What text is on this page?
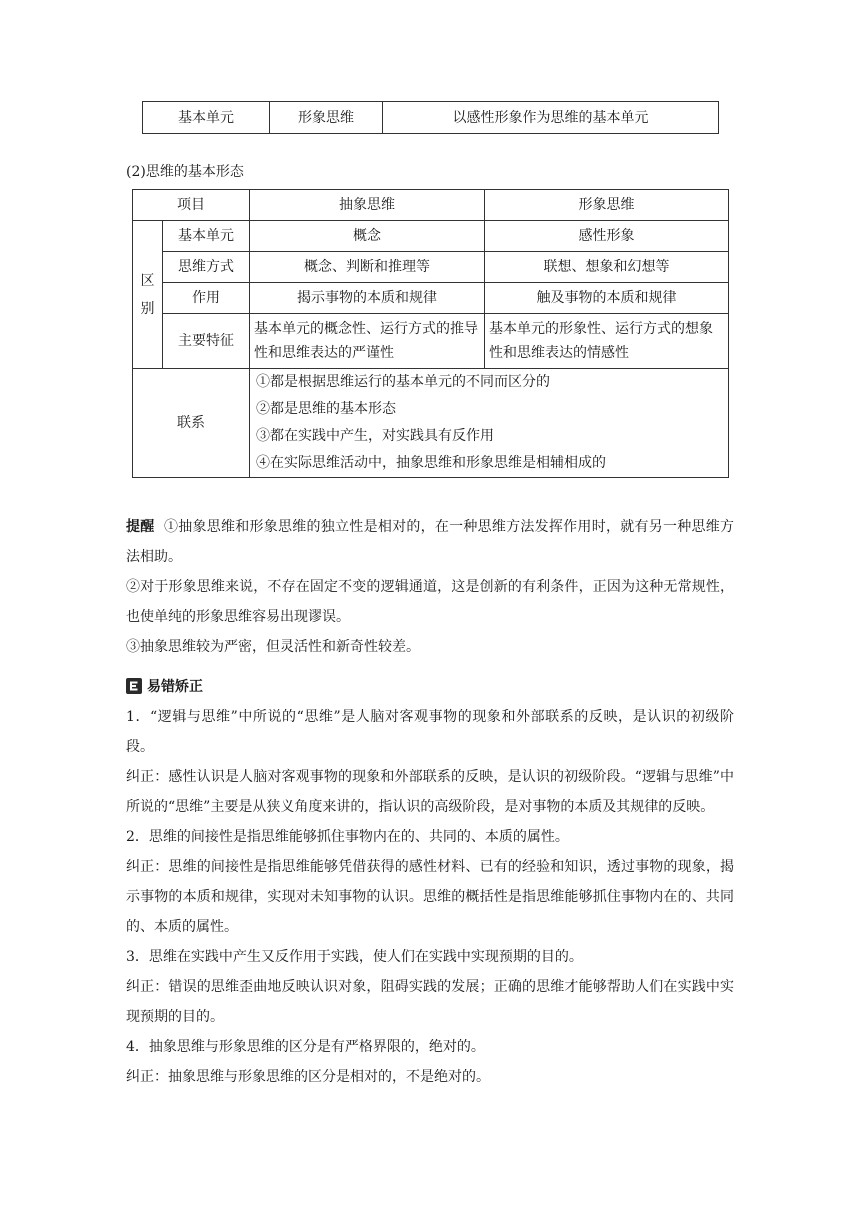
基本单元	形象思维	以感性形象作为思维的基本单元
(2)思维的基本形态
项目		抽象思维	形象思维
区
别	基本单元	概念	感性形象
	思维方式	概念、判断和推理等	联想、想象和幻想等
	作用	揭示事物的本质和规律	触及事物的本质和规律
	主要特征	基本单元的概念性、运行方式的推导性和思维表达的严谨性	基本单元的形象性、运行方式的想象性和思维表达的情感性
联系		①都是根据思维运行的基本单元的不同而区分的
②都是思维的基本形态
③都在实践中产生，对实践具有反作用
④在实际思维活动中，抽象思维和形象思维是相辅相成的	

提醒 ①抽象思维和形象思维的独立性是相对的，在一种思维方法发挥作用时，就有另一种思维方法相助。

②对于形象思维来说，不存在固定不变的逻辑通道，这是创新的有利条件，正因为这种无常规性，也使单纯的形象思维容易出现谬误。

③抽象思维较为严密，但灵活性和新奇性较差。

易错矫正

1．“逻辑与思维”中所说的“思维”是人脑对客观事物的现象和外部联系的反映，是认识的初级阶段。

纠正：感性认识是人脑对客观事物的现象和外部联系的反映，是认识的初级阶段。“逻辑与思维”中所说的“思维”主要是从狭义角度来讲的，指认识的高级阶段，是对事物的本质及其规律的反映。

2．思维的间接性是指思维能够抓住事物内在的、共同的、本质的属性。

纠正：思维的间接性是指思维能够凭借获得的感性材料、已有的经验和知识，透过事物的现象，揭示事物的本质和规律，实现对未知事物的认识。思维的概括性是指思维能够抓住事物内在的、共同的、本质的属性。

3．思维在实践中产生又反作用于实践，使人们在实践中实现预期的目的。

纠正：错误的思维歪曲地反映认识对象，阻碍实践的发展；正确的思维才能够帮助人们在实践中实现预期的目的。

4．抽象思维与形象思维的区分是有严格界限的，绝对的。

纠正：抽象思维与形象思维的区分是相对的，不是绝对的。
